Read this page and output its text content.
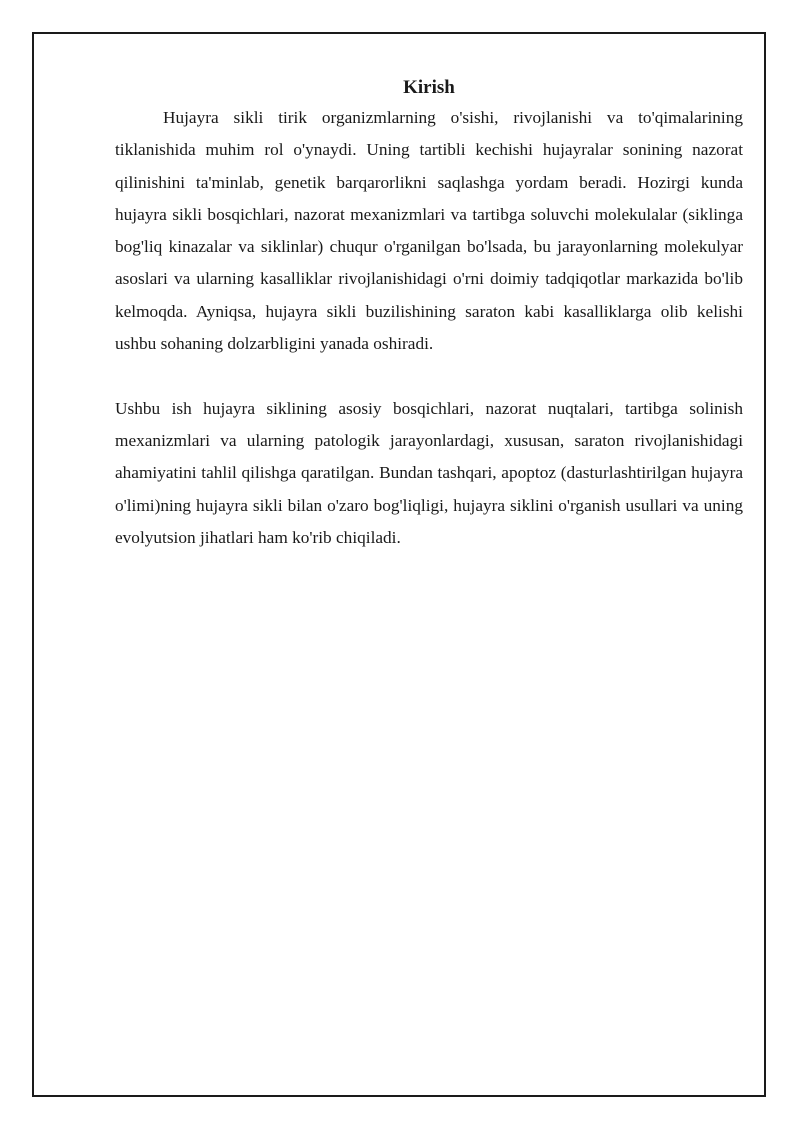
Kirish

Hujayra sikli tirik organizmlarning o'sishi, rivojlanishi va to'qimalarining tiklanishida muhim rol o'ynaydi. Uning tartibli kechishi hujayralar sonining nazorat qilinishini ta'minlab, genetik barqarorlikni saqlashga yordam beradi. Hozirgi kunda hujayra sikli bosqichlari, nazorat mexanizmlari va tartibga soluvchi molekulalar (siklinga bog'liq kinazalar va siklinlar) chuqur o'rganilgan bo'lsada, bu jarayonlarning molekulyar asoslari va ularning kasalliklar rivojlanishidagi o'rni doimiy tadqiqotlar markazida bo'lib kelmoqda. Ayniqsa, hujayra sikli buzilishining saraton kabi kasalliklarga olib kelishi ushbu sohaning dolzarbligini yanada oshiradi.

Ushbu ish hujayra siklining asosiy bosqichlari, nazorat nuqtalari, tartibga solinish mexanizmlari va ularning patologik jarayonlardagi, xususan, saraton rivojlanishidagi ahamiyatini tahlil qilishga qaratilgan. Bundan tashqari, apoptoz (dasturlashtirilgan hujayra o'limi)ning hujayra sikli bilan o'zaro bog'liqligi, hujayra siklini o'rganish usullari va uning evolyutsion jihatlari ham ko'rib chiqiladi.
